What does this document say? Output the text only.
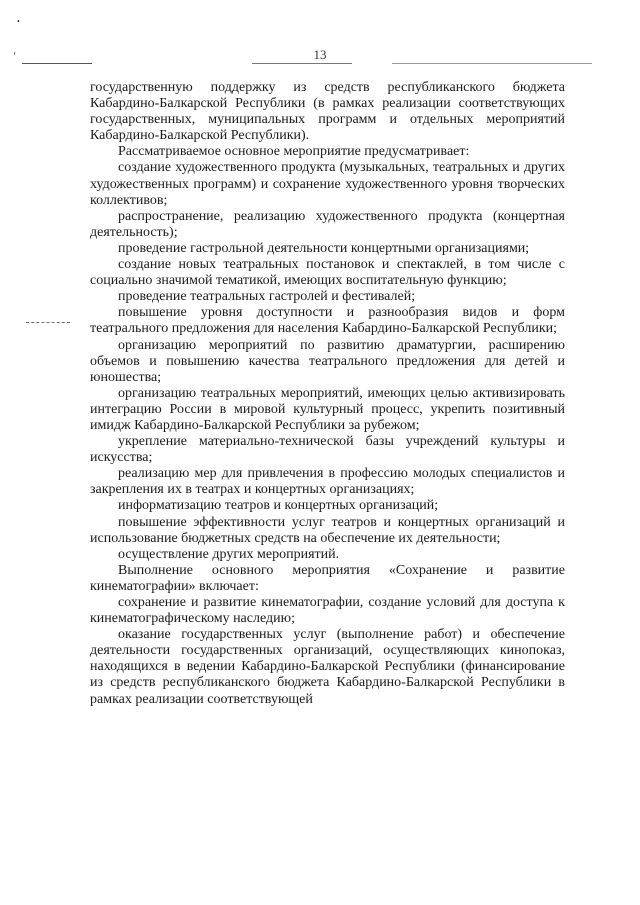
•
ʻ	13

государственную поддержку из средств республиканского бюджета Кабардино-Балкарской Республики (в рамках реализации соответствующих государственных, муниципальных программ и отдельных мероприятий Кабардино-Балкарской Республики).

Рассматриваемое основное мероприятие предусматривает:

создание художественного продукта (музыкальных, театральных и других художественных программ) и сохранение художественного уровня творческих коллективов;

распространение, реализацию художественного продукта (концертная деятельность);

проведение гастрольной деятельности концертными организациями;

создание новых театральных постановок и спектаклей, в том числе с социально значимой тематикой, имеющих воспитательную функцию;

проведение театральных гастролей и фестивалей;

повышение уровня доступности и разнообразия видов и форм театрального предложения для населения Кабардино-Балкарской Республики;

организацию мероприятий по развитию драматургии, расширению объемов и повышению качества театрального предложения для детей и юношества;

организацию театральных мероприятий, имеющих целью активизировать интеграцию России в мировой культурный процесс, укрепить позитивный имидж Кабардино-Балкарской Республики за рубежом;

укрепление материально-технической базы учреждений культуры и искусства;

реализацию мер для привлечения в профессию молодых специалистов и закрепления их в театрах и концертных организациях;

информатизацию театров и концертных организаций;

повышение эффективности услуг театров и концертных организаций и использование бюджетных средств на обеспечение их деятельности;

осуществление других мероприятий.

Выполнение основного мероприятия «Сохранение и развитие кинематографии» включает:

сохранение и развитие кинематографии, создание условий для доступа к кинематографическому наследию;

оказание государственных услуг (выполнение работ) и обеспечение деятельности государственных организаций, осуществляющих кинопоказ, находящихся в ведении Кабардино-Балкарской Республики (финансирование из средств республиканского бюджета Кабардино-Балкарской Республики в рамках реализации соответствующей
